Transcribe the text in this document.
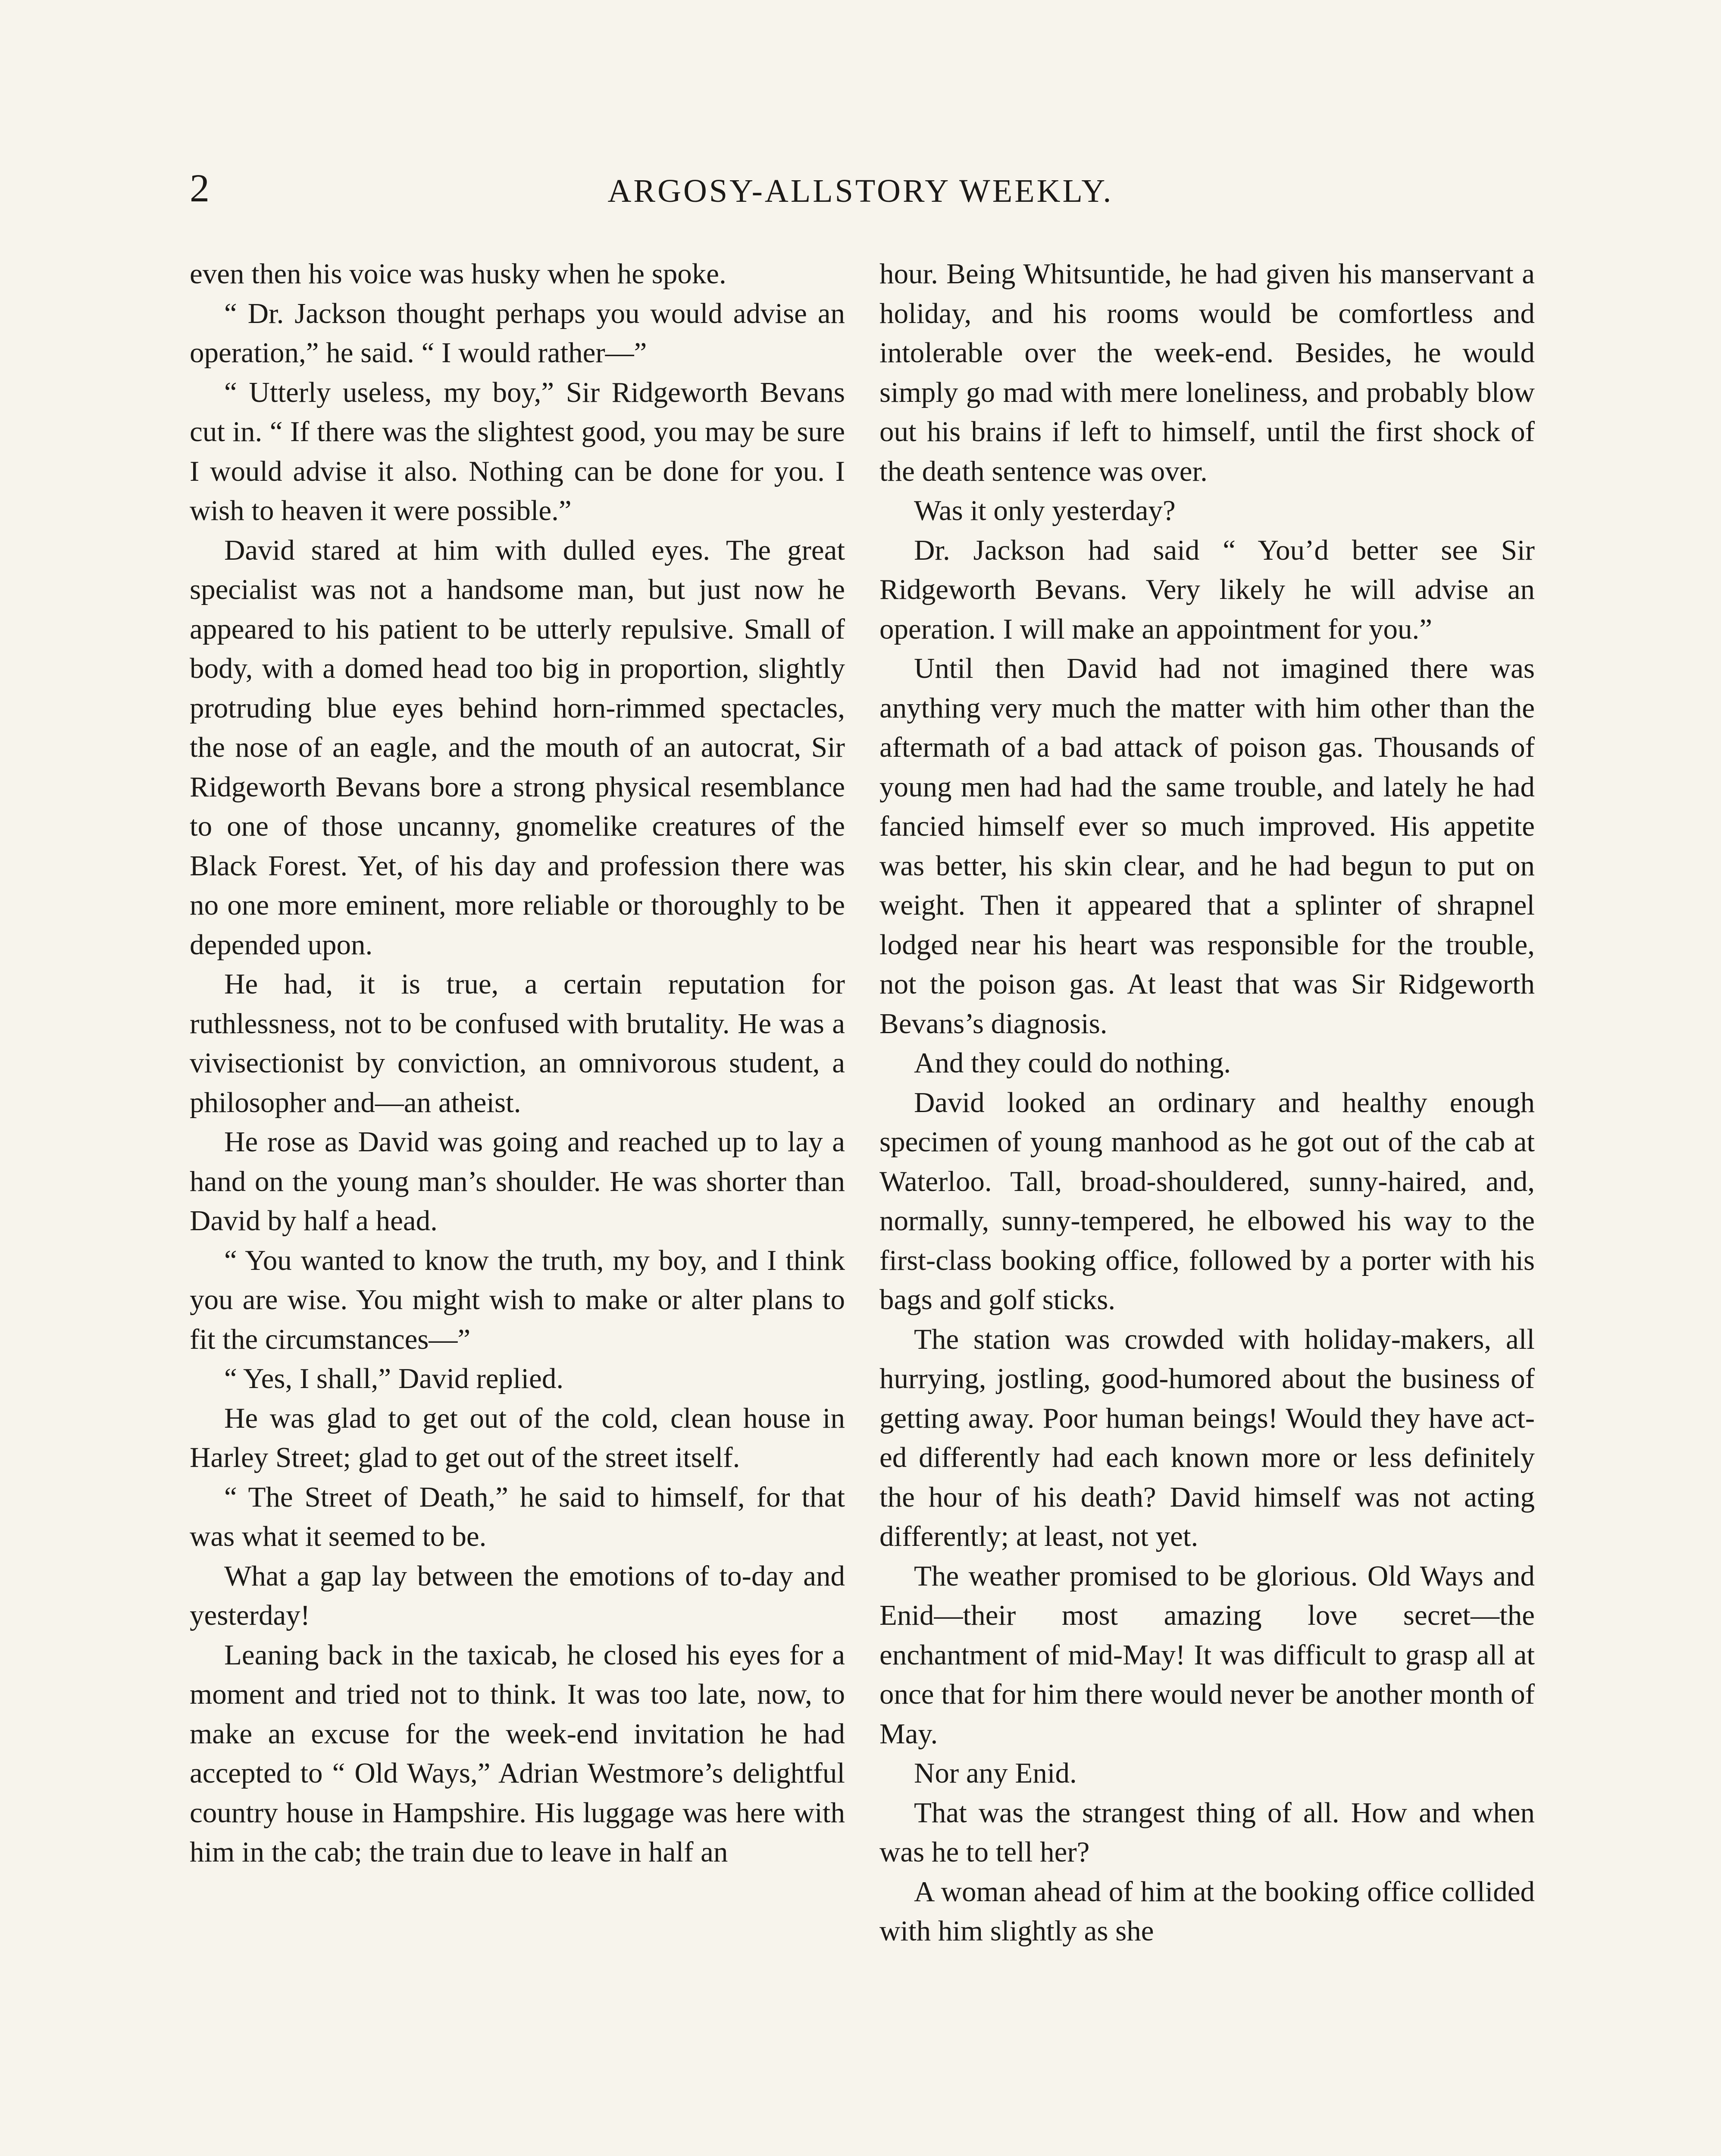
2	ARGOSY-ALLSTORY WEEKLY.

even then his voice was husky when he spoke.

“ Dr. Jackson thought perhaps you would advise an operation,” he said. “ I would rather—”

“ Utterly useless, my boy,” Sir Ridgeworth Bevans cut in. “ If there was the slightest good, you may be sure I would advise it also. Nothing can be done for you. I wish to heaven it were possible.”

David stared at him with dulled eyes. The great specialist was not a handsome man, but just now he appeared to his patient to be utterly repulsive. Small of body, with a domed head too big in proportion, slightly protruding blue eyes behind horn-rimmed spectacles, the nose of an eagle, and the mouth of an autocrat, Sir Ridgeworth Bevans bore a strong physical resemblance to one of those uncanny, gnomelike creatures of the Black Forest. Yet, of his day and profession there was no one more eminent, more reliable or thoroughly to be depended upon.

He had, it is true, a certain reputation for ruthlessness, not to be confused with brutality. He was a vivisectionist by conviction, an omnivorous student, a philosopher and—an atheist.

He rose as David was going and reached up to lay a hand on the young man’s shoulder. He was shorter than David by half a head.

“ You wanted to know the truth, my boy, and I think you are wise. You might wish to make or alter plans to fit the circumstances—”

“ Yes, I shall,” David replied.

He was glad to get out of the cold, clean house in Harley Street; glad to get out of the street itself.

“ The Street of Death,” he said to himself, for that was what it seemed to be.

What a gap lay between the emotions of to-day and yesterday!

Leaning back in the taxicab, he closed his eyes for a moment and tried not to think. It was too late, now, to make an excuse for the week-end invitation he had accepted to “ Old Ways,” Adrian Westmore’s delightful country house in Hampshire. His luggage was here with him in the cab; the train due to leave in half an

hour. Being Whitsuntide, he had given his manservant a holiday, and his rooms would be comfortless and intolerable over the week-end. Besides, he would simply go mad with mere loneliness, and probably blow out his brains if left to himself, until the first shock of the death sentence was over.

Was it only yesterday?

Dr. Jackson had said “ You’d better see Sir Ridgeworth Bevans. Very likely he will advise an operation. I will make an appointment for you.”

Until then David had not imagined there was anything very much the matter with him other than the aftermath of a bad attack of poison gas. Thousands of young men had had the same trouble, and lately he had fancied himself ever so much improved. His appetite was better, his skin clear, and he had begun to put on weight. Then it appeared that a splinter of shrapnel lodged near his heart was responsible for the trouble, not the poison gas. At least that was Sir Ridgeworth Bevans’s diagnosis.

And they could do nothing.

David looked an ordinary and healthy enough specimen of young manhood as he got out of the cab at Waterloo. Tall, broad-shouldered, sunny-haired, and, normally, sunny-tempered, he elbowed his way to the first-class booking office, followed by a porter with his bags and golf sticks.

The station was crowded with holiday-makers, all hurrying, jostling, good-humored about the business of getting away. Poor human beings! Would they have acted differently had each known more or less definitely the hour of his death? David himself was not acting differently; at least, not yet.

The weather promised to be glorious. Old Ways and Enid—their most amazing love secret—the enchantment of mid-May! It was difficult to grasp all at once that for him there would never be another month of May.

Nor any Enid.

That was the strangest thing of all. How and when was he to tell her?

A woman ahead of him at the booking office collided with him slightly as she
